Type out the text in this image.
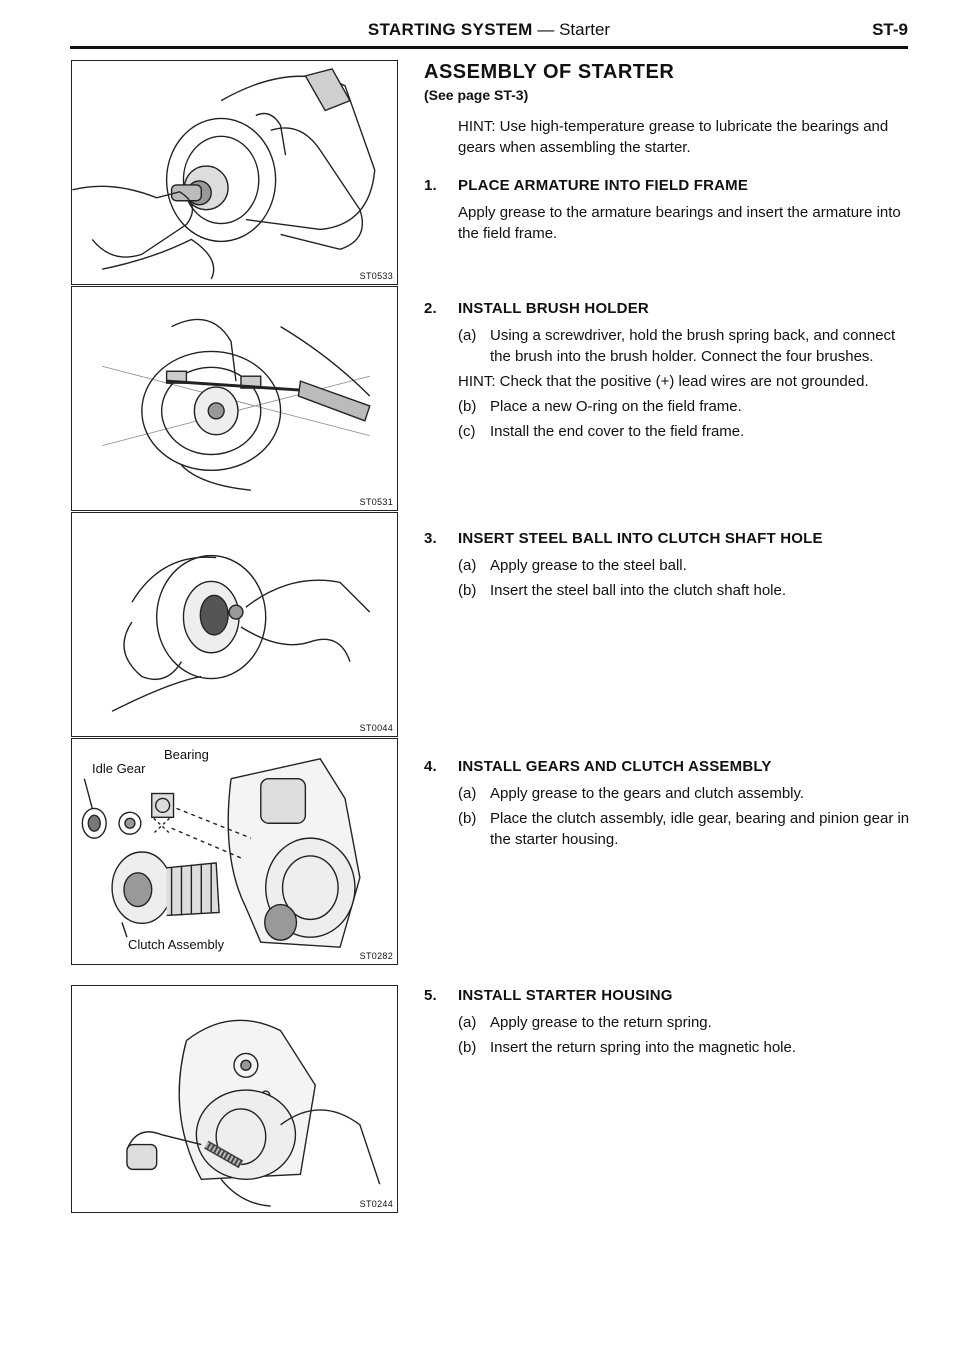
STARTING SYSTEM — Starter	ST-9
ST0533
ST0531
ST0044
Bearing
Idle Gear
Clutch Assembly
ST0282
ST0244
ASSEMBLY OF STARTER
(See page ST-3)
HINT: Use high-temperature grease to lubricate the bearings and gears when assembling the starter.
1. PLACE ARMATURE INTO FIELD FRAME
Apply grease to the armature bearings and insert the armature into the field frame.
2. INSTALL BRUSH HOLDER
(a) Using a screwdriver, hold the brush spring back, and connect the brush into the brush holder. Connect the four brushes.
HINT: Check that the positive (+) lead wires are not grounded.
(b) Place a new O-ring on the field frame.
(c) Install the end cover to the field frame.
3. INSERT STEEL BALL INTO CLUTCH SHAFT HOLE
(a) Apply grease to the steel ball.
(b) Insert the steel ball into the clutch shaft hole.
4. INSTALL GEARS AND CLUTCH ASSEMBLY
(a) Apply grease to the gears and clutch assembly.
(b) Place the clutch assembly, idle gear, bearing and pinion gear in the starter housing.
5. INSTALL STARTER HOUSING
(a) Apply grease to the return spring.
(b) Insert the return spring into the magnetic hole.
